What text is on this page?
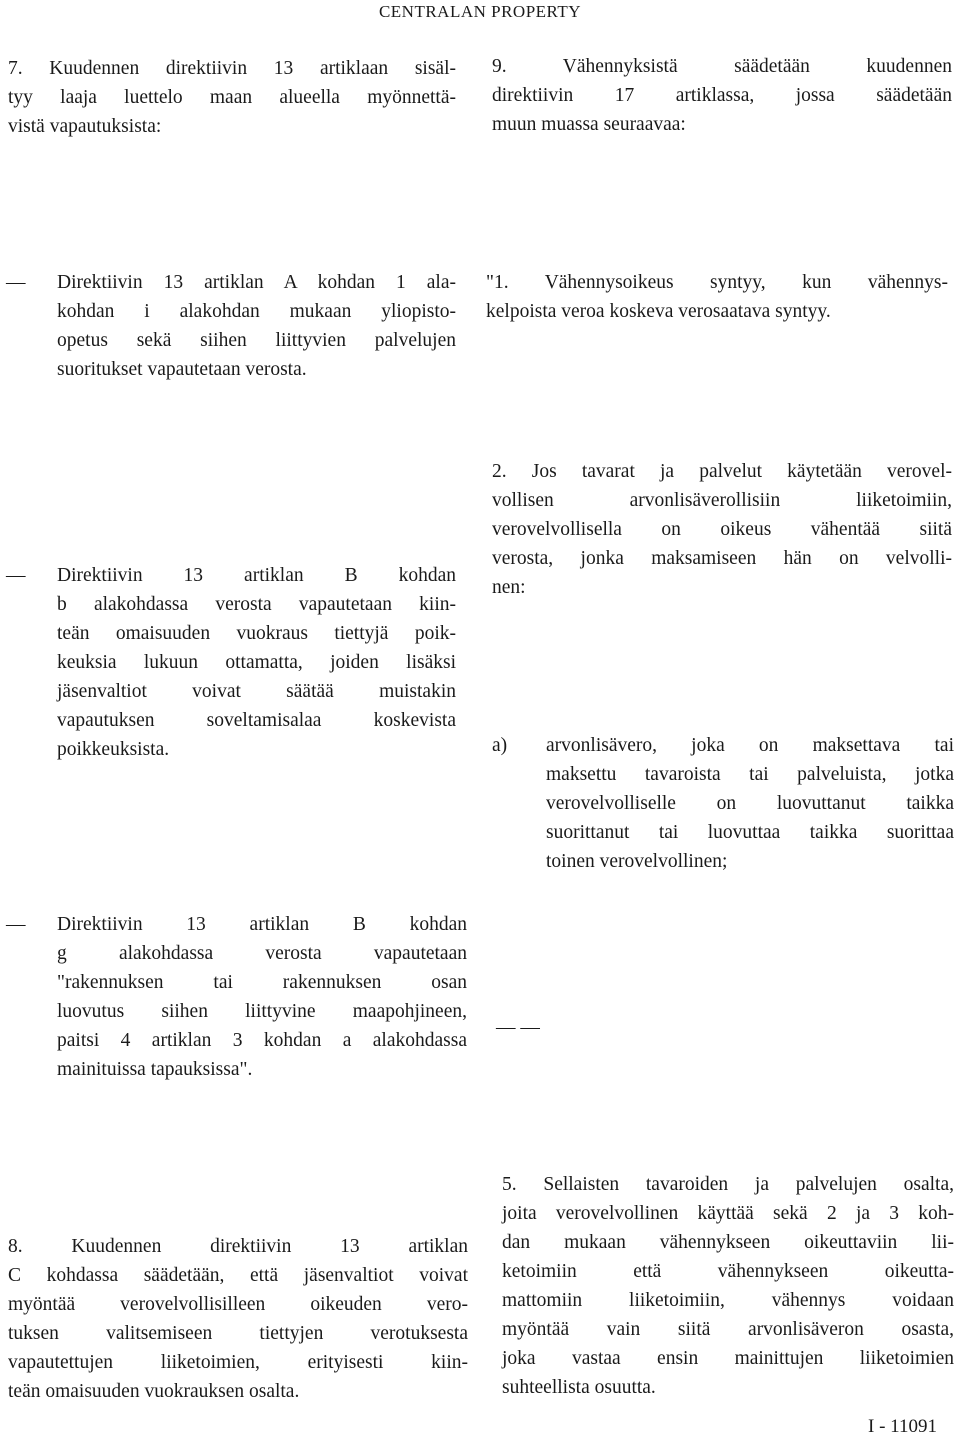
CENTRALAN PROPERTY
7. Kuudennen direktiivin 13 artiklaan sisäl-
tyy laaja luettelo maan alueella myönnettä-
vistä vapautuksista:
— Direktiivin 13 artiklan A kohdan 1 ala-
kohdan i alakohdan mukaan yliopisto-
opetus sekä siihen liittyvien palvelujen
suoritukset vapautetaan verosta.
— Direktiivin 13 artiklan B kohdan
b alakohdassa verosta vapautetaan kiin-
teän omaisuuden vuokraus tiettyjä poik-
keuksia lukuun ottamatta, joiden lisäksi
jäsenvaltiot voivat säätää muistakin
vapautuksen soveltamisalaa koskevista
poikkeuksista.
— Direktiivin 13 artiklan B kohdan
g alakohdassa verosta vapautetaan
"rakennuksen tai rakennuksen osan
luovutus siihen liittyvine maapohjineen,
paitsi 4 artiklan 3 kohdan a alakohdassa
mainituissa tapauksissa".
8. Kuudennen direktiivin 13 artiklan
C kohdassa säädetään, että jäsenvaltiot voivat
myöntää verovelvollisilleen oikeuden vero-
tuksen valitsemiseen tiettyjen verotuksesta
vapautettujen liiketoimien, erityisesti kiin-
teän omaisuuden vuokrauksen osalta.
9. Vähennyksistä säädetään kuudennen
direktiivin 17 artiklassa, jossa säädetään
muun muassa seuraavaa:
"1. Vähennysoikeus syntyy, kun vähennys-
kelpoista veroa koskeva verosaatava syntyy.
2. Jos tavarat ja palvelut käytetään verovel-
vollisen arvonlisäverollisiin liiketoimiin,
verovelvollisella on oikeus vähentää siitä
verosta, jonka maksamiseen hän on velvolli-
nen:
a) arvonlisävero, joka on maksettava tai
maksettu tavaroista tai palveluista, jotka
verovelvolliselle on luovuttanut taikka
suorittanut tai luovuttaa taikka suorittaa
toinen verovelvollinen;
— —
5. Sellaisten tavaroiden ja palvelujen osalta,
joita verovelvollinen käyttää sekä 2 ja 3 koh-
dan mukaan vähennykseen oikeuttaviin lii-
ketoimiin että vähennykseen oikeutta-
mattomiin liiketoimiin, vähennys voidaan
myöntää vain siitä arvonlisäveron osasta,
joka vastaa ensin mainittujen liiketoimien
suhteellista osuutta.
I - 11091
